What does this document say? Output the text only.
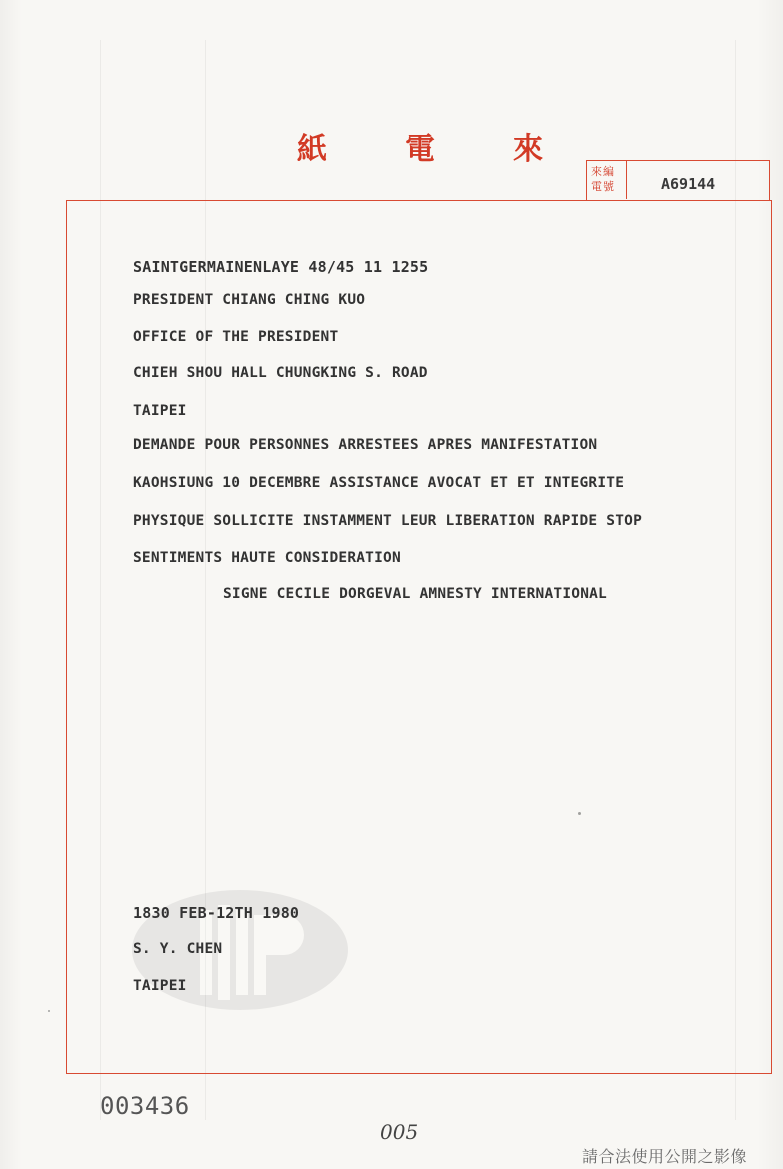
紙	電	來
來編電號	A69144
SAINTGERMAINENLAYE 48/45 11 1255
PRESIDENT CHIANG CHING KUO
OFFICE OF THE PRESIDENT
CHIEH SHOU HALL CHUNGKING S. ROAD
TAIPEI
DEMANDE POUR PERSONNES ARRESTEES APRES MANIFESTATION
KAOHSIUNG 10 DECEMBRE ASSISTANCE AVOCAT ET ET INTEGRITE
PHYSIQUE SOLLICITE INSTAMMENT LEUR LIBERATION RAPIDE STOP
SENTIMENTS HAUTE CONSIDERATION
SIGNE CECILE DORGEVAL AMNESTY INTERNATIONAL
1830 FEB-12TH 1980
S. Y. CHEN
TAIPEI
003436
005
請合法使用公開之影像
